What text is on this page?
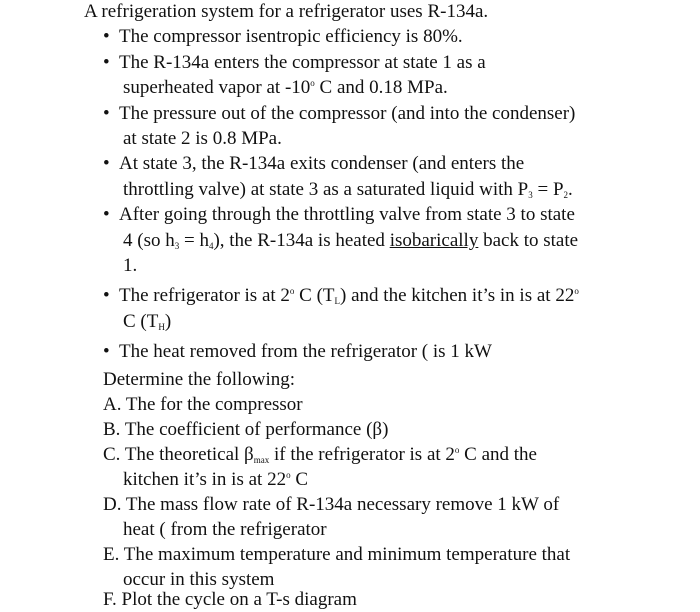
A refrigeration system for a refrigerator uses R-134a.
• The compressor isentropic efficiency is 80%.
• The R-134a enters the compressor at state 1 as a
superheated vapor at -10$^o$ C and 0.18 MPa.
• The pressure out of the compressor (and into the condenser)
at state 2 is 0.8 MPa.
• At state 3, the R-134a exits condenser (and enters the
throttling valve) at state 3 as a saturated liquid with $P_3 = P_2$.
• After going through the throttling valve from state 3 to state
4 (so $h_3 = h_4$), the R-134a is heated isobarically back to state
1.
• The refrigerator is at 2$^o$ C $(T_L)$ and the kitchen it’s in is at 22$^o$
C $(T_H)$
• The heat removed from the refrigerator ( is 1 kW
Determine the following:
A. The for the compressor
B. The coefficient of performance (β)
C. The theoretical $\beta_{max}$ if the refrigerator is at 2$^o$ C and the
kitchen it’s in is at 22$^o$ C
D. The mass flow rate of R-134a necessary remove 1 kW of
heat ( from the refrigerator
E. The maximum temperature and minimum temperature that
occur in this system
F. Plot the cycle on a T-s diagram
